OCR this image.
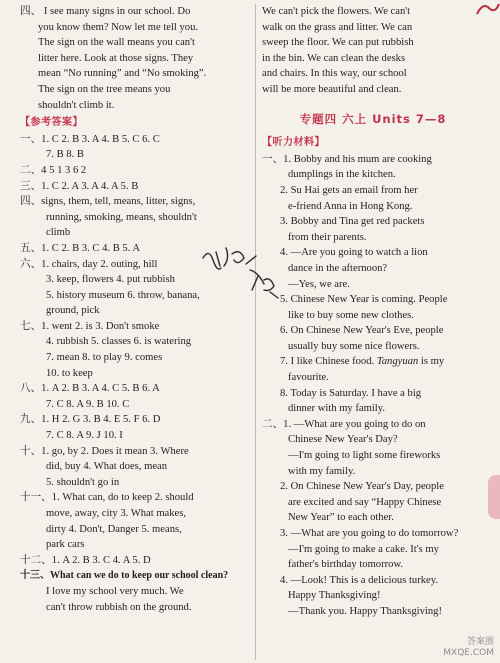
四、 I see many signs in our school. Do
you know them? Now let me tell you.
The sign on the wall means you can't
litter here. Look at those signs. They
mean “No running” and “No smoking”.
The sign on the tree means you
shouldn't climb it.
【参考答案】
一、1. C 2. B 3. A 4. B 5. C 6. C
7. B 8. B
二、4 5 1 3 6 2
三、1. C 2. A 3. A 4. A 5. B
四、signs, them, tell, means, litter, signs,
running, smoking, means, shouldn't
climb
五、1. C 2. B 3. C 4. B 5. A
六、1. chairs, day 2. outing, hill
3. keep, flowers 4. put rubbish
5. history museum 6. throw, banana,
ground, pick
七、1. went 2. is 3. Don't smoke
4. rubbish 5. classes 6. is watering
7. mean 8. to play 9. comes
10. to keep
八、1. A 2. B 3. A 4. C 5. B 6. A
7. C 8. A 9. B 10. C
九、1. H 2. G 3. B 4. E 5. F 6. D
7. C 8. A 9. J 10. I
十、1. go, by 2. Does it mean 3. Where
did, buy 4. What does, mean
5. shouldn't go in
十一、1. What can, do to keep 2. should
move, away, city 3. What makes,
dirty 4. Don't, Danger 5. means,
park cars
十二、1. A 2. B 3. C 4. A 5. D
十三、What can we do to keep our school clean?
I love my school very much. We
can't throw rubbish on the ground.
We can't pick the flowers. We can't
walk on the grass and litter. We can
sweep the floor. We can put rubbish
in the bin. We can clean the desks
and chairs. In this way, our school
will be more beautiful and clean.
专题四 六上 Units 7—8
【听力材料】
一、1. Bobby and his mum are cooking
dumplings in the kitchen.
2. Su Hai gets an email from her
e-friend Anna in Hong Kong.
3. Bobby and Tina get red packets
from their parents.
4. —Are you going to watch a lion
dance in the afternoon?
—Yes, we are.
5. Chinese New Year is coming. People
like to buy some new clothes.
6. On Chinese New Year's Eve, people
usually buy some nice flowers.
7. I like Chinese food. Tangyuan is my
favourite.
8. Today is Saturday. I have a big
dinner with my family.
二、1. —What are you going to do on
Chinese New Year's Day?
—I'm going to light some fireworks
with my family.
2. On Chinese New Year's Day, people
are excited and say “Happy Chinese
New Year” to each other.
3. —What are you going to do tomorrow?
—I'm going to make a cake. It's my
father's birthday tomorrow.
4. —Look! This is a delicious turkey.
Happy Thanksgiving!
—Thank you. Happy Thanksgiving!
答案圈
MXQE.COM
